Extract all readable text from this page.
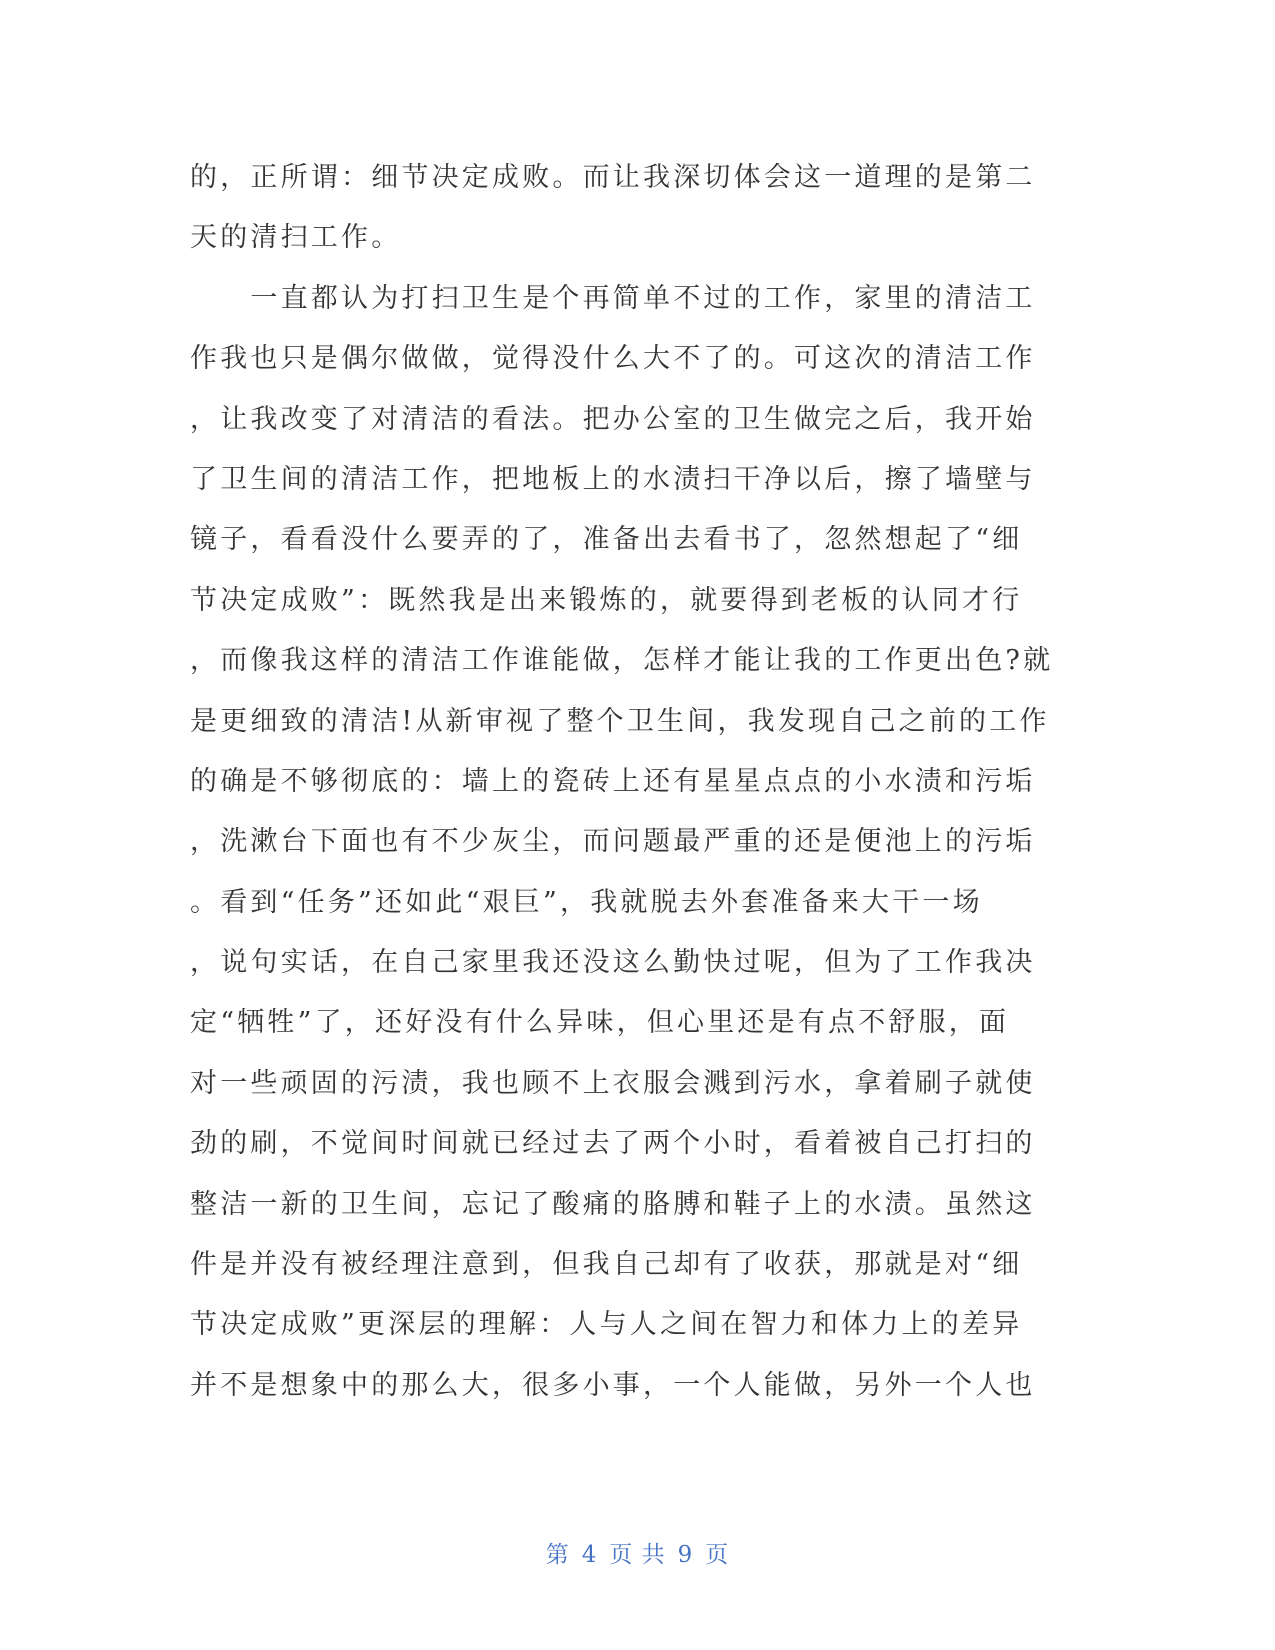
的，正所谓：细节决定成败。而让我深切体会这一道理的是第二
天的清扫工作。
　　一直都认为打扫卫生是个再简单不过的工作，家里的清洁工
作我也只是偶尔做做，觉得没什么大不了的。可这次的清洁工作
，让我改变了对清洁的看法。把办公室的卫生做完之后，我开始
了卫生间的清洁工作，把地板上的水渍扫干净以后，擦了墙壁与
镜子，看看没什么要弄的了，准备出去看书了，忽然想起了“细
节决定成败”：既然我是出来锻炼的，就要得到老板的认同才行
，而像我这样的清洁工作谁能做，怎样才能让我的工作更出色?就
是更细致的清洁!从新审视了整个卫生间，我发现自己之前的工作
的确是不够彻底的：墙上的瓷砖上还有星星点点的小水渍和污垢
，洗漱台下面也有不少灰尘，而问题最严重的还是便池上的污垢
。看到“任务”还如此“艰巨”，我就脱去外套准备来大干一场
，说句实话，在自己家里我还没这么勤快过呢，但为了工作我决
定“牺牲”了，还好没有什么异味，但心里还是有点不舒服，面
对一些顽固的污渍，我也顾不上衣服会溅到污水，拿着刷子就使
劲的刷，不觉间时间就已经过去了两个小时，看着被自己打扫的
整洁一新的卫生间，忘记了酸痛的胳膊和鞋子上的水渍。虽然这
件是并没有被经理注意到，但我自己却有了收获，那就是对“细
节决定成败”更深层的理解：人与人之间在智力和体力上的差异
并不是想象中的那么大，很多小事，一个人能做，另外一个人也
第 4 页 共 9 页
